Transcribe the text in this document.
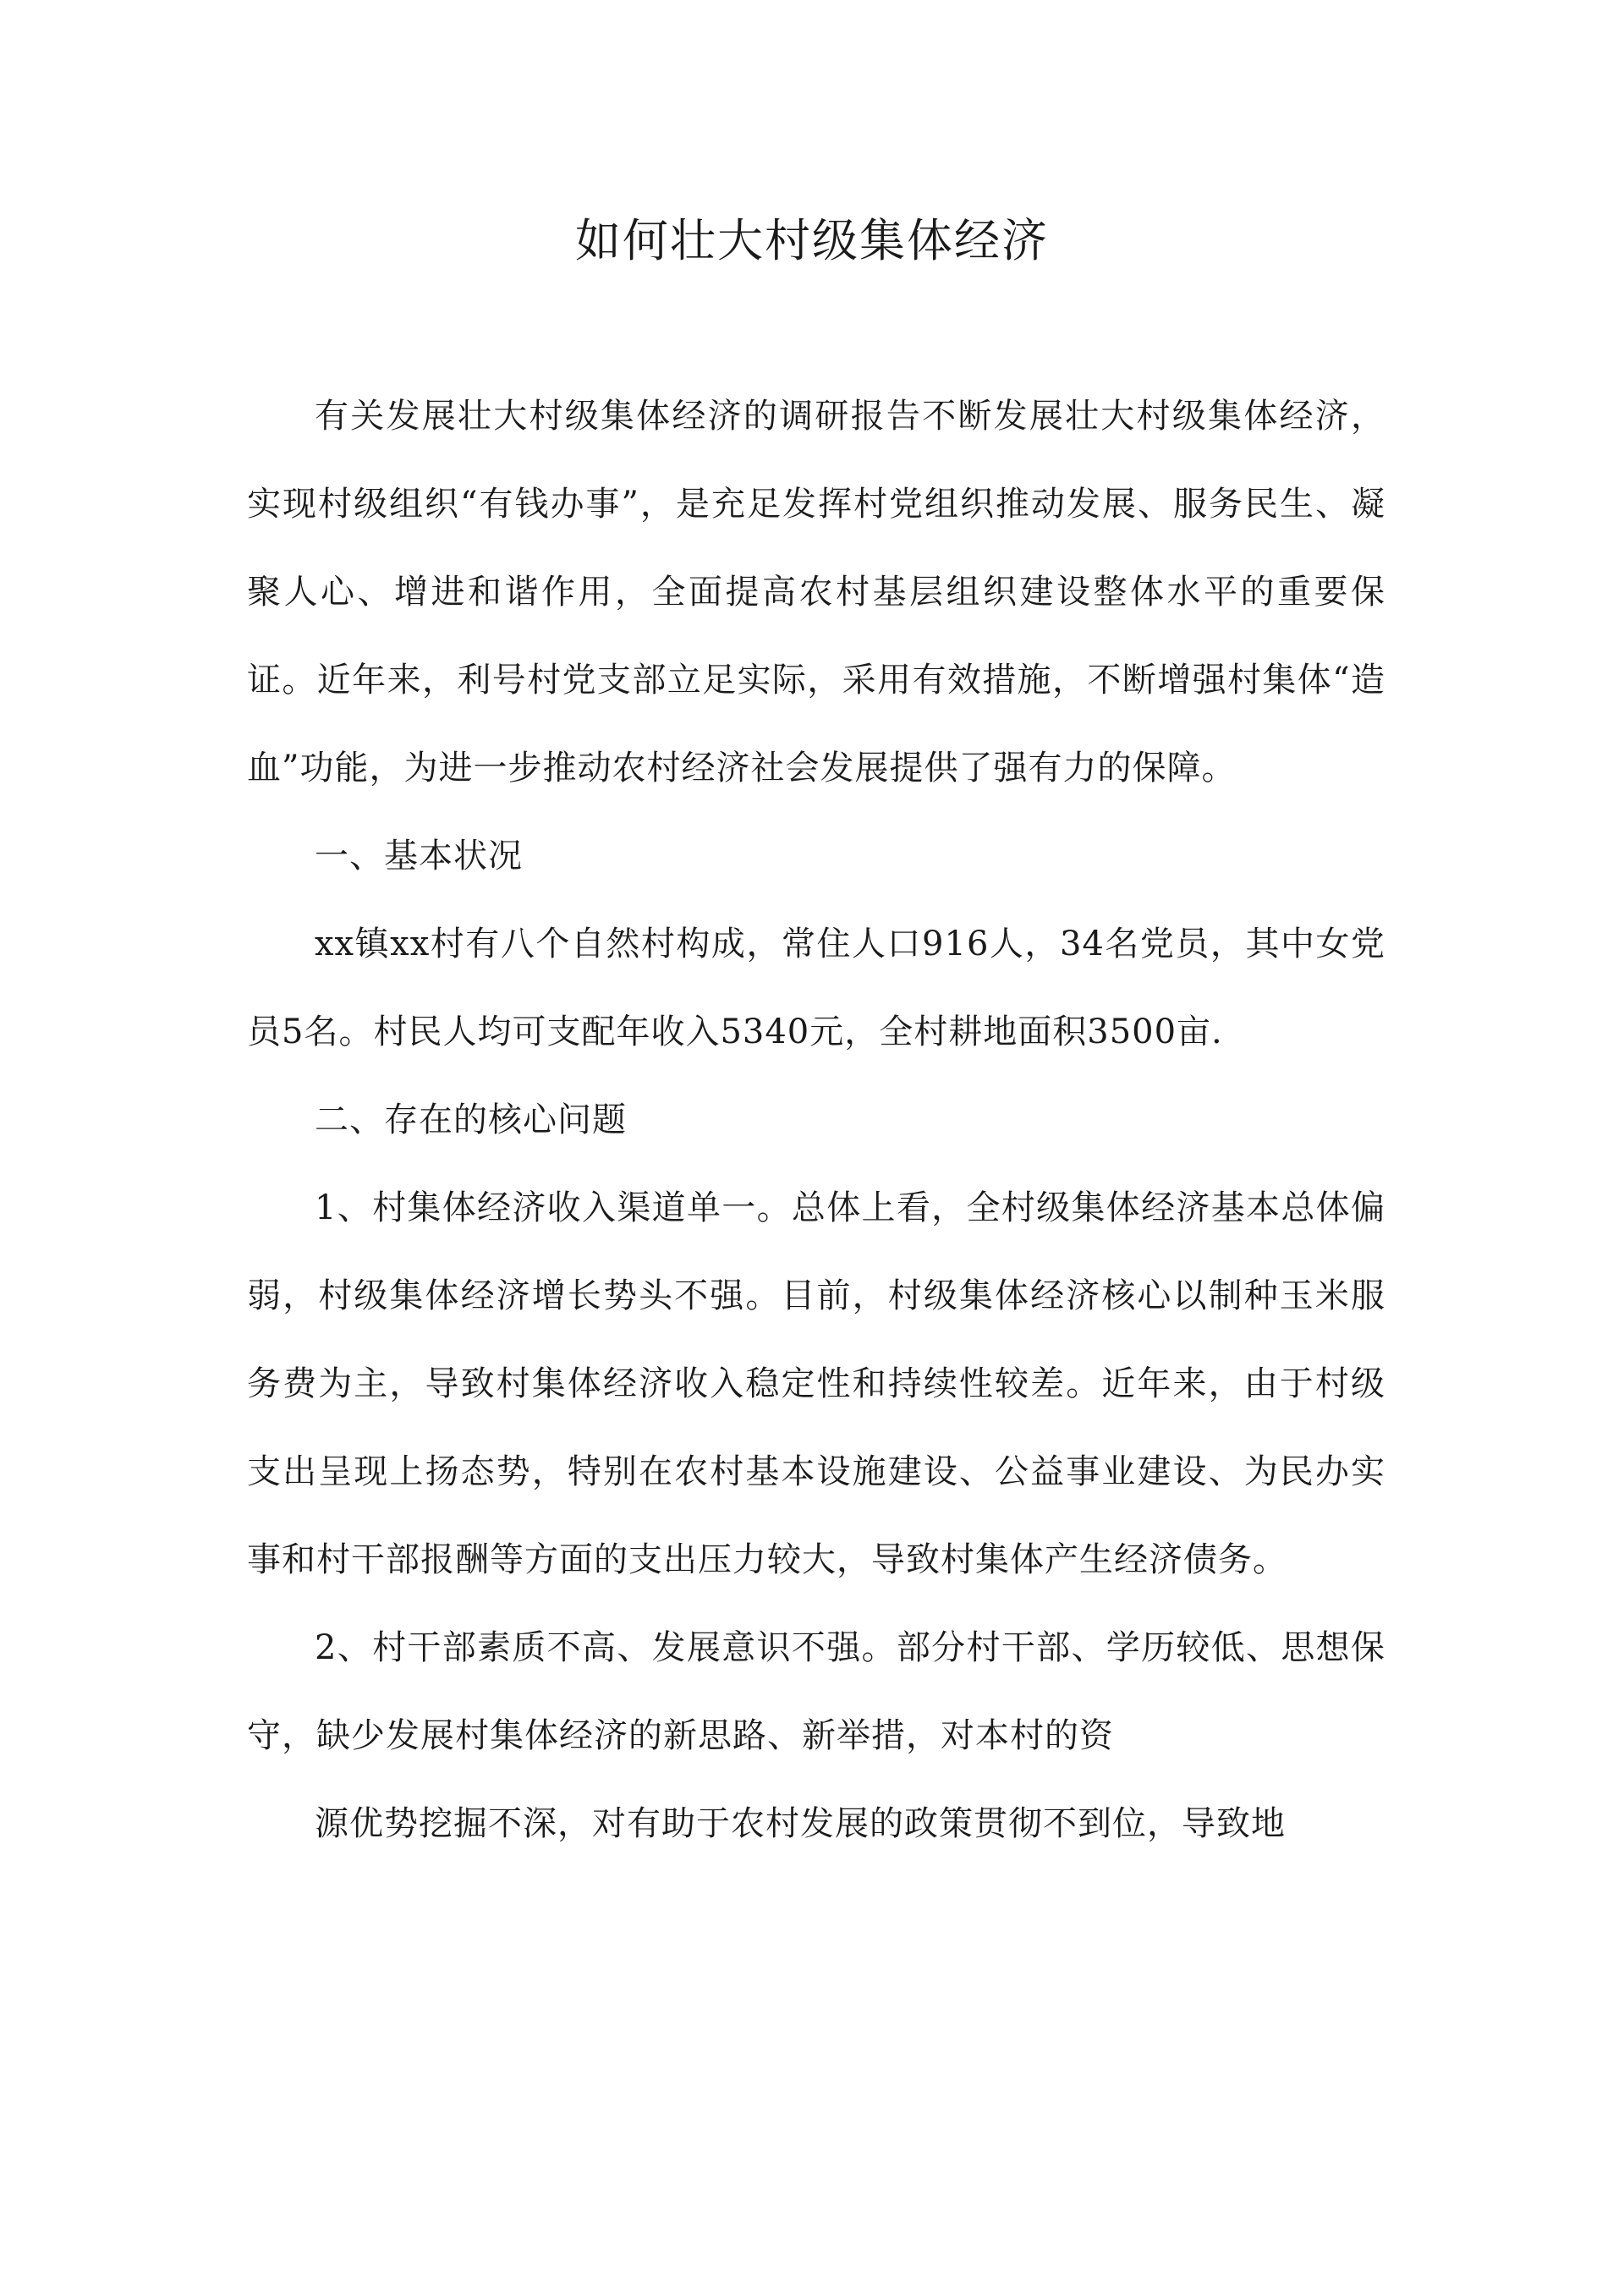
如何壮大村级集体经济

有关发展壮大村级集体经济的调研报告不断发展壮大村级集体经济，实现村级组织“有钱办事”，是充足发挥村党组织推动发展、服务民生、凝聚人心、增进和谐作用，全面提高农村基层组织建设整体水平的重要保证。近年来，利号村党支部立足实际，采用有效措施，不断增强村集体“造血”功能，为进一步推动农村经济社会发展提供了强有力的保障。

一、基本状况

xx镇xx村有八个自然村构成，常住人口916人，34名党员，其中女党员5名。村民人均可支配年收入5340元，全村耕地面积3500亩.

二、存在的核心问题

1、村集体经济收入渠道单一。总体上看，全村级集体经济基本总体偏弱，村级集体经济增长势头不强。目前，村级集体经济核心以制种玉米服务费为主，导致村集体经济收入稳定性和持续性较差。近年来，由于村级支出呈现上扬态势，特别在农村基本设施建设、公益事业建设、为民办实事和村干部报酬等方面的支出压力较大，导致村集体产生经济债务。

2、村干部素质不高、发展意识不强。部分村干部、学历较低、思想保守，缺少发展村集体经济的新思路、新举措，对本村的资

源优势挖掘不深，对有助于农村发展的政策贯彻不到位，导致地
